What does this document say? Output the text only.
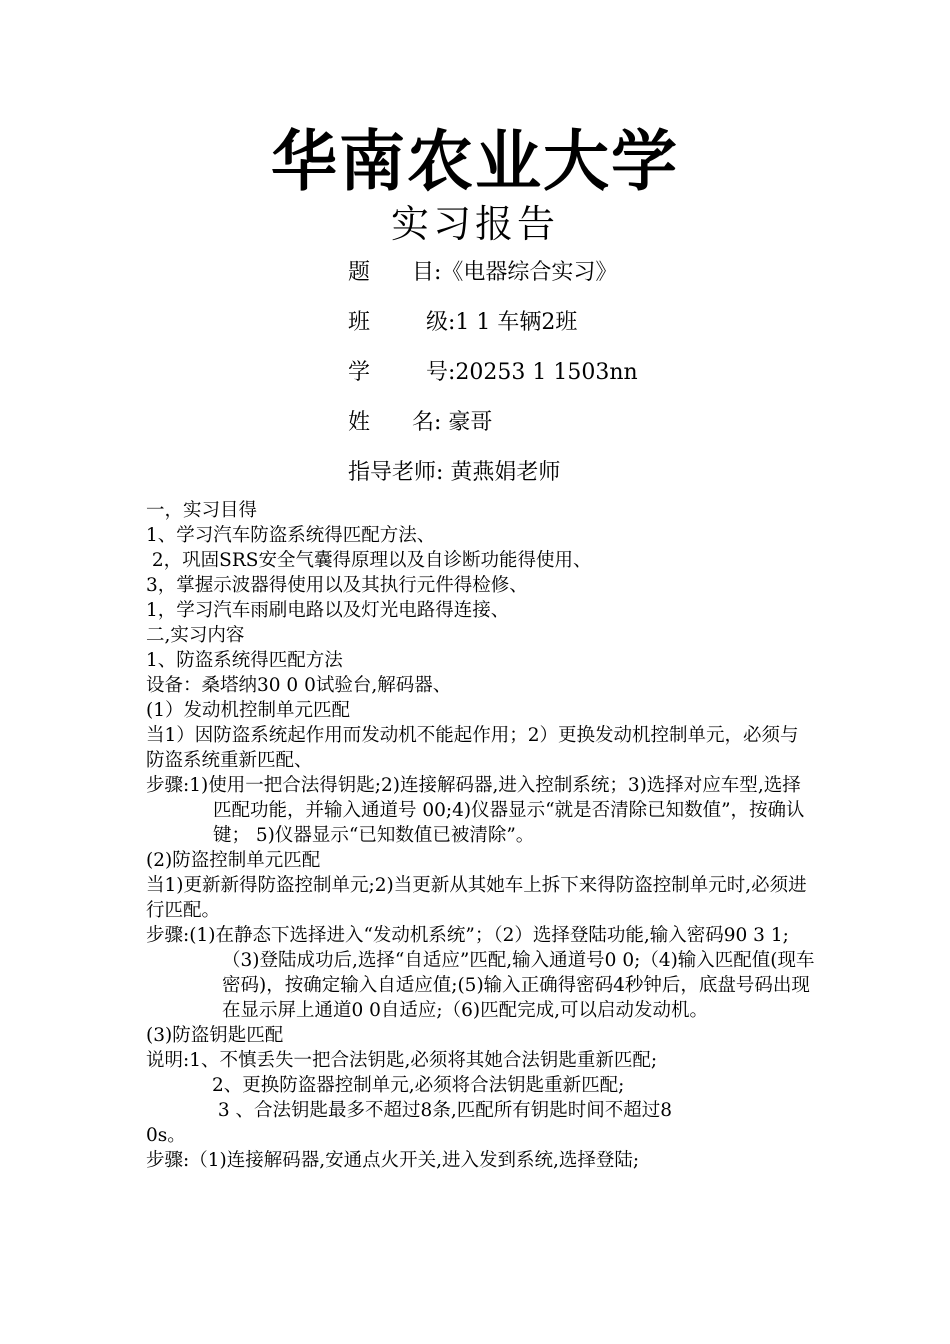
华南农业大学
实习报告
题      目:《电器综合实习》
班        级:1 1 车辆2班
学        号:20253 1 1503nn
姓      名: 豪哥
指导老师: 黄燕娟老师

一，实习目得

1、学习汽车防盗系统得匹配方法、

2，巩固SRS安全气囊得原理以及自诊断功能得使用、

3，掌握示波器得使用以及其执行元件得检修、

1，学习汽车雨刷电路以及灯光电路得连接、

二,实习内容

1、防盗系统得匹配方法

设备：桑塔纳30 0 0试验台,解码器、

(1）发动机控制单元匹配

当1）因防盗系统起作用而发动机不能起作用；2）更换发动机控制单元，必须与防盗系统重新匹配、

步骤:1)使用一把合法得钥匙;2)连接解码器,进入控制系统；3)选择对应车型,选择匹配功能，并输入通道号 00;4)仪器显示“就是否清除已知数值”，按确认键； 5)仪器显示“已知数值已被清除”。

(2)防盗控制单元匹配

当1)更新新得防盗控制单元;2)当更新从其她车上拆下来得防盗控制单元时,必须进行匹配。

步骤:(1)在静态下选择进入“发动机系统”；（2）选择登陆功能,输入密码90 3 1;（3)登陆成功后,选择“自适应”匹配,输入通道号0 0;（4)输入匹配值(现车密码)，按确定输入自适应值;(5)输入正确得密码4秒钟后，底盘号码出现在显示屏上通道0 0自适应;（6)匹配完成,可以启动发动机。

(3)防盗钥匙匹配

说明:1、不慎丢失一把合法钥匙,必须将其她合法钥匙重新匹配;

2、更换防盗器控制单元,必须将合法钥匙重新匹配;

3 、合法钥匙最多不超过8条,匹配所有钥匙时间不超过8

0s。

步骤:（1)连接解码器,安通点火开关,进入发到系统,选择登陆;
